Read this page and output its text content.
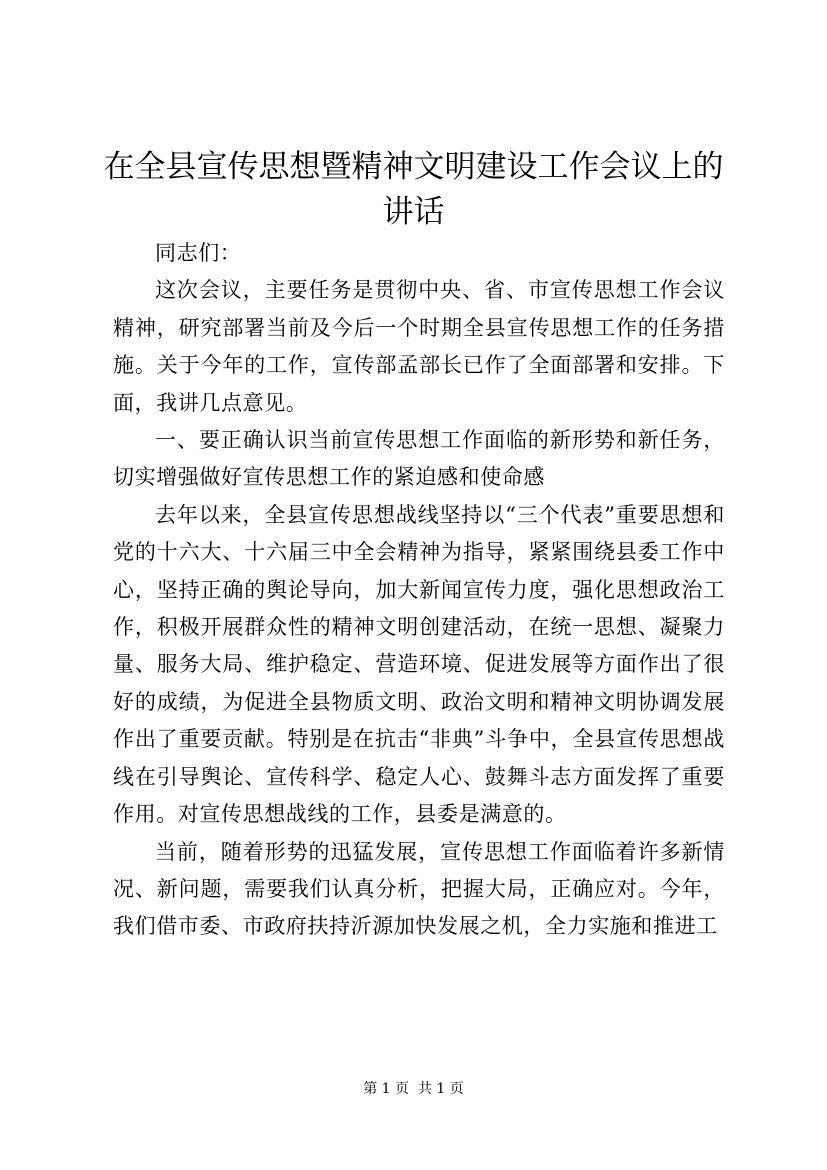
在全县宣传思想暨精神文明建设工作会议上的讲话

同志们：

这次会议，主要任务是贯彻中央、省、市宣传思想工作会议精神，研究部署当前及今后一个时期全县宣传思想工作的任务措施。关于今年的工作，宣传部孟部长已作了全面部署和安排。下面，我讲几点意见。

一、要正确认识当前宣传思想工作面临的新形势和新任务，切实增强做好宣传思想工作的紧迫感和使命感

去年以来，全县宣传思想战线坚持以“三个代表”重要思想和党的十六大、十六届三中全会精神为指导，紧紧围绕县委工作中心，坚持正确的舆论导向，加大新闻宣传力度，强化思想政治工作，积极开展群众性的精神文明创建活动，在统一思想、凝聚力量、服务大局、维护稳定、营造环境、促进发展等方面作出了很好的成绩，为促进全县物质文明、政治文明和精神文明协调发展作出了重要贡献。特别是在抗击“非典”斗争中，全县宣传思想战线在引导舆论、宣传科学、稳定人心、鼓舞斗志方面发挥了重要作用。对宣传思想战线的工作，县委是满意的。

当前，随着形势的迅猛发展，宣传思想工作面临着许多新情况、新问题，需要我们认真分析，把握大局，正确应对。今年，我们借市委、市政府扶持沂源加快发展之机，全力实施和推进工

第 1 页  共 1 页
